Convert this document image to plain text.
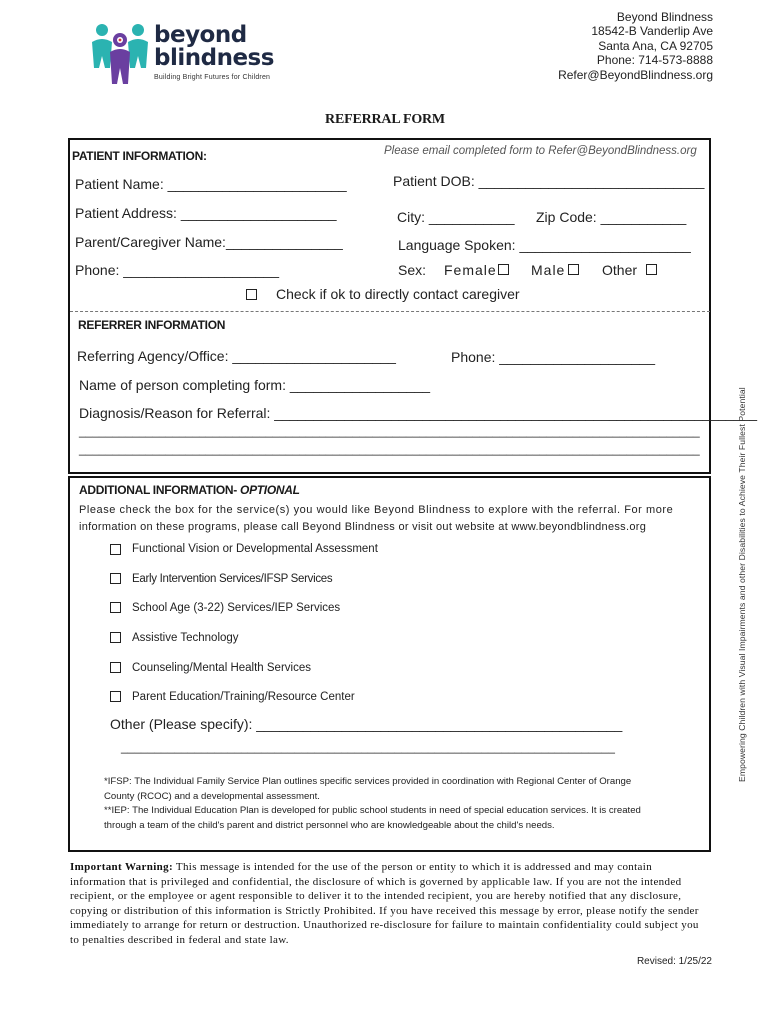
beyond
blindness
Building Bright Futures for Children
Beyond Blindness
18542-B Vanderlip Ave
Santa Ana, CA 92705
Phone: 714-573-8888
Refer@BeyondBlindness.org
REFERRAL FORM
PATIENT INFORMATION:	Please email completed form to Refer@BeyondBlindness.org
Patient Name: _______________________	Patient DOB: _____________________________
Patient Address: ____________________	City: ___________ Zip Code: ___________
Parent/Caregiver Name:_______________	Language Spoken: ______________________
Phone: ____________________	Sex: Female Male	Other
Check if ok to directly contact caregiver
REFERRER INFORMATION
Referring Agency/Office: _____________________	Phone: ____________________
Name of person completing form: __________________
Diagnosis/Reason for Referral: ______________________________________________________________
_____________________________________________________________________________________________
_____________________________________________________________________________________________
ADDITIONAL INFORMATION- OPTIONAL
Please check the box for the service(s) you would like Beyond Blindness to explore with the referral. For more
information on these programs, please call Beyond Blindness or visit out website at www.beyondblindness.org
Functional Vision or Developmental Assessment
Early Intervention Services/IFSP Services
School Age (3-22) Services/IEP Services
Assistive Technology
Counseling/Mental Health Services
Parent Education/Training/Resource Center
Other (Please specify): _______________________________________________
__________________________________________________________________________
*IFSP: The Individual Family Service Plan outlines specific services provided in coordination with Regional Center of Orange
County (RCOC) and a developmental assessment.
**IEP: The Individual Education Plan is developed for public school students in need of special education services. It is created
through a team of the child's parent and district personnel who are knowledgeable about the child's needs.
Empowering Children with Visual Impairments and other Disabilities to Achieve Their Fullest Potential
Important Warning: This message is intended for the use of the person or entity to which it is addressed and may contain information that is privileged and confidential, the disclosure of which is governed by applicable law. If you are not the intended recipient, or the employee or agent responsible to deliver it to the intended recipient, you are hereby notified that any disclosure, copying or distribution of this information is Strictly Prohibited. If you have received this message by error, please notify the sender immediately to arrange for return or destruction. Unauthorized re-disclosure for failure to maintain confidentiality could subject you to penalties described in federal and state law.
Revised: 1/25/22
